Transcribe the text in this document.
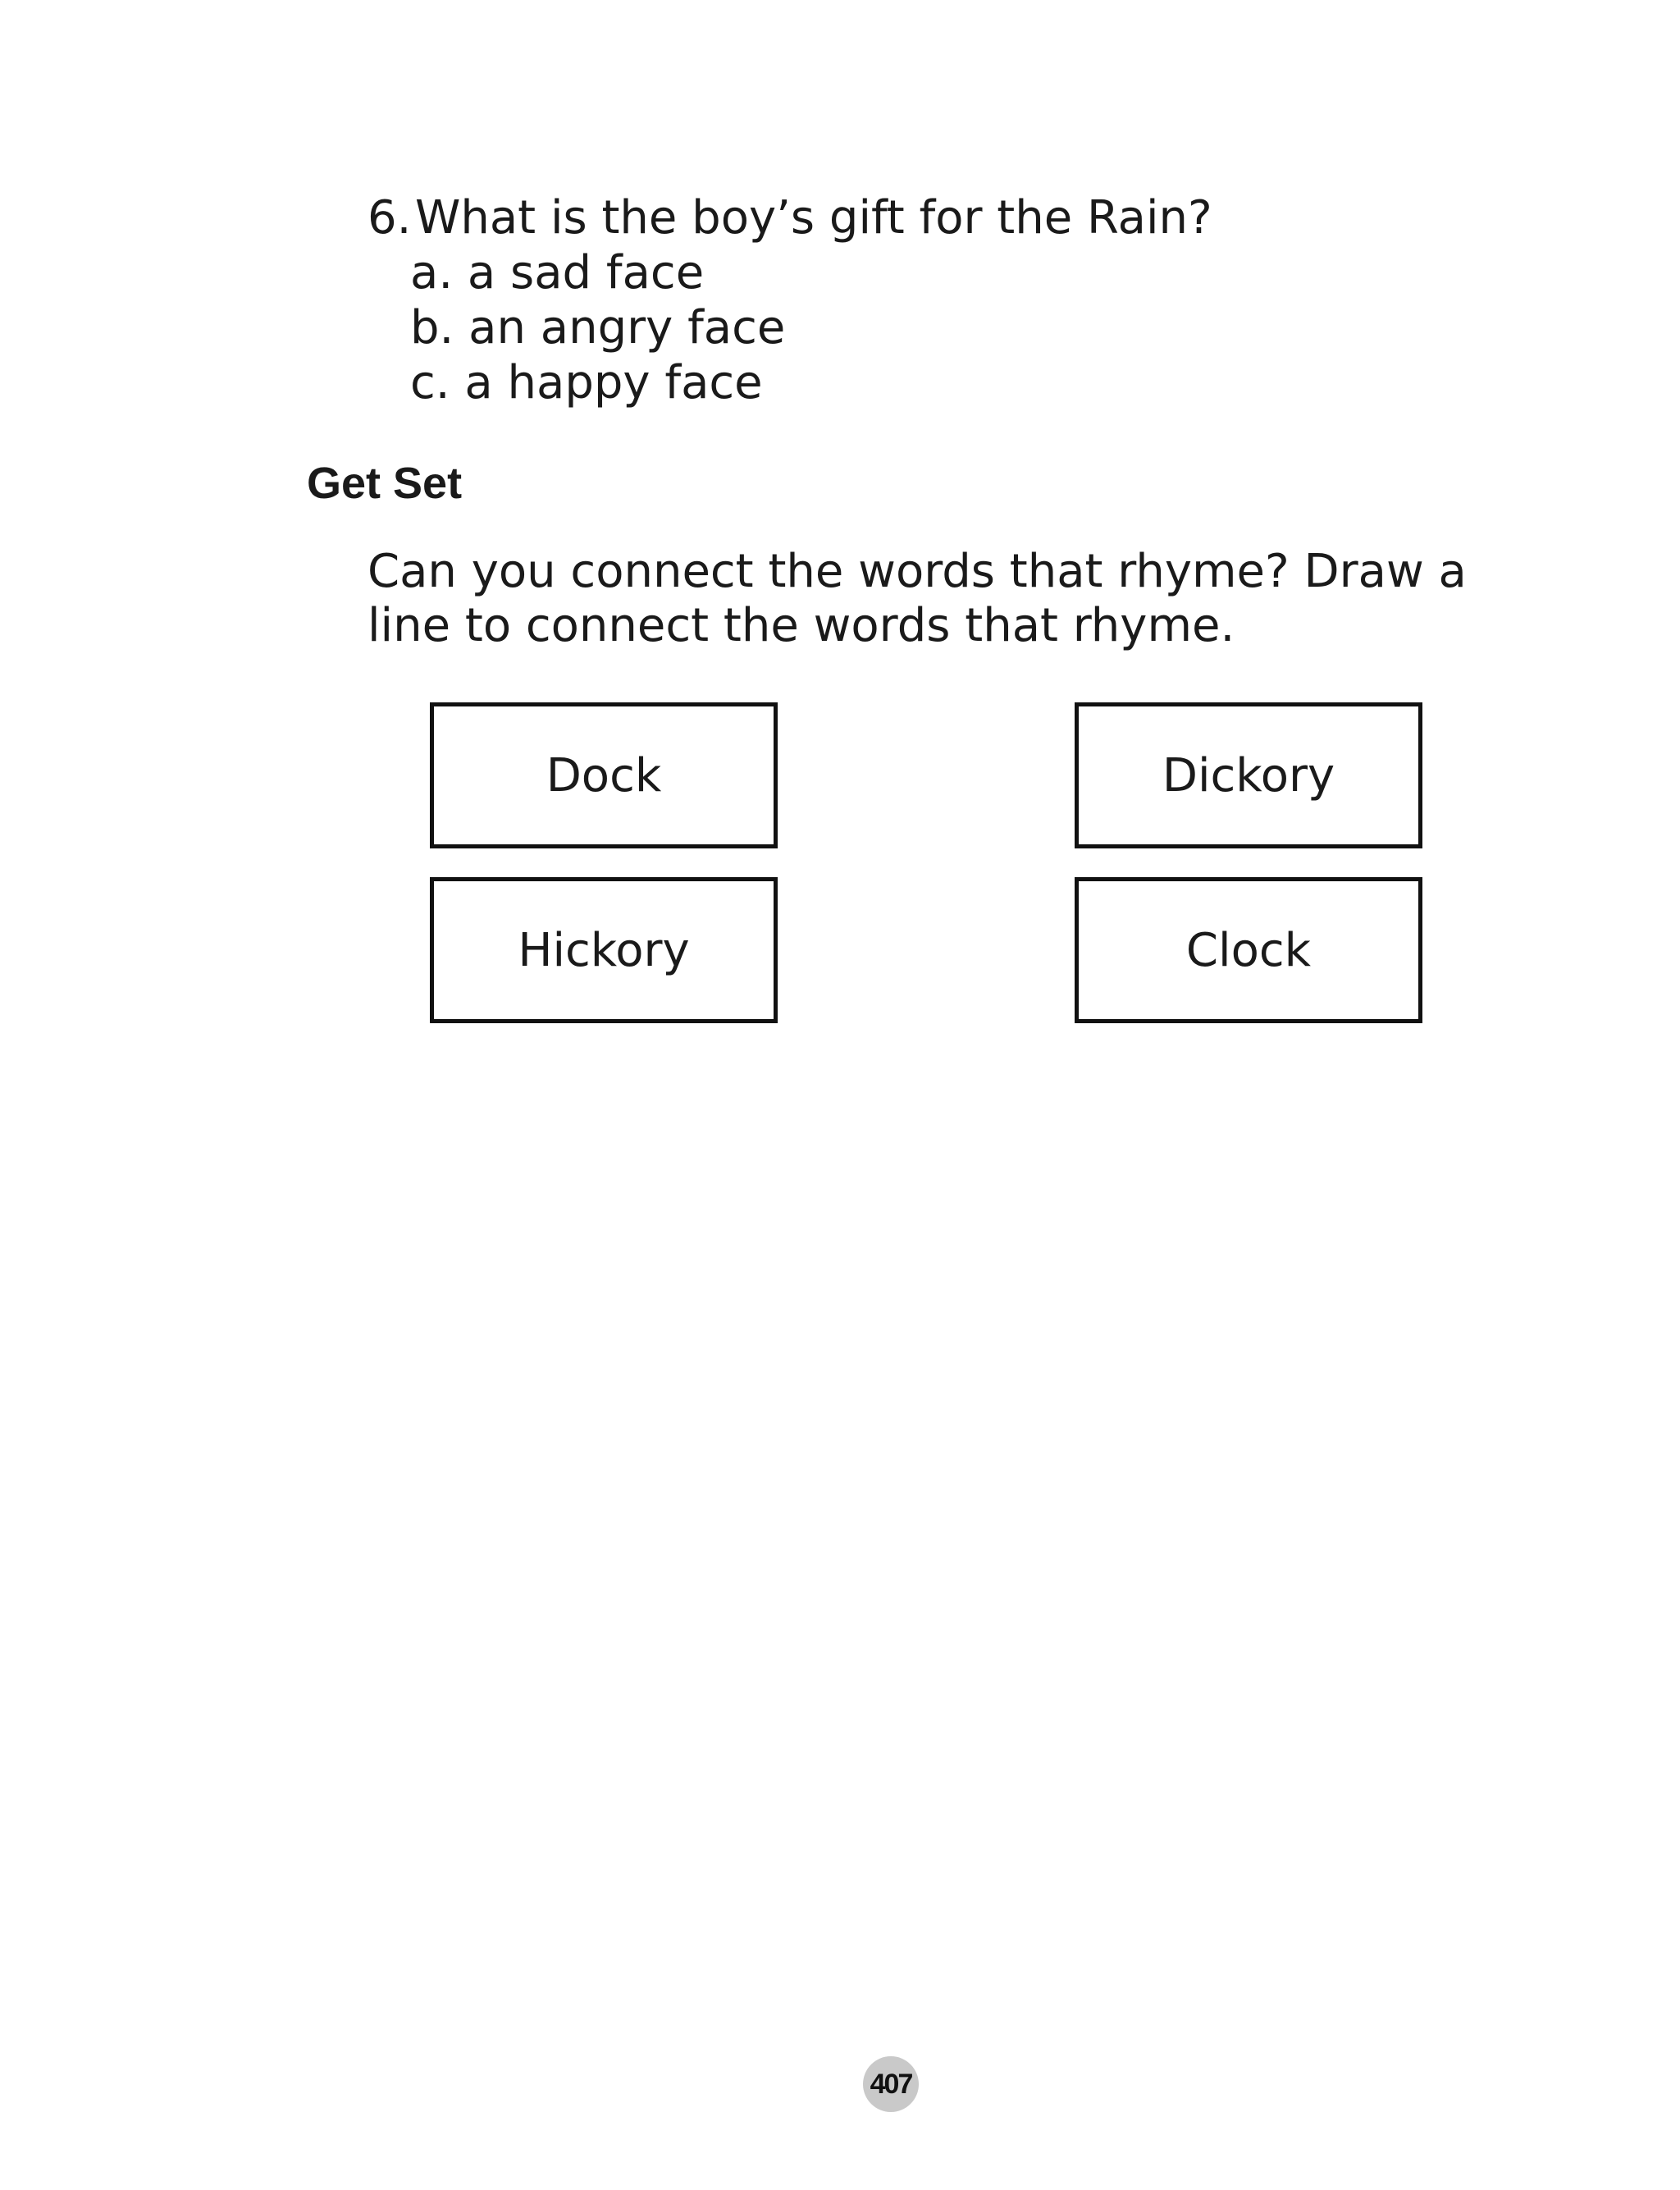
6. What is the boy’s gift for the Rain?
a. a sad face
b. an angry face
c. a happy face
Get Set
Can you connect the words that rhyme? Draw a
line to connect the words that rhyme.
Dock
Hickory
Dickory
Clock
407
